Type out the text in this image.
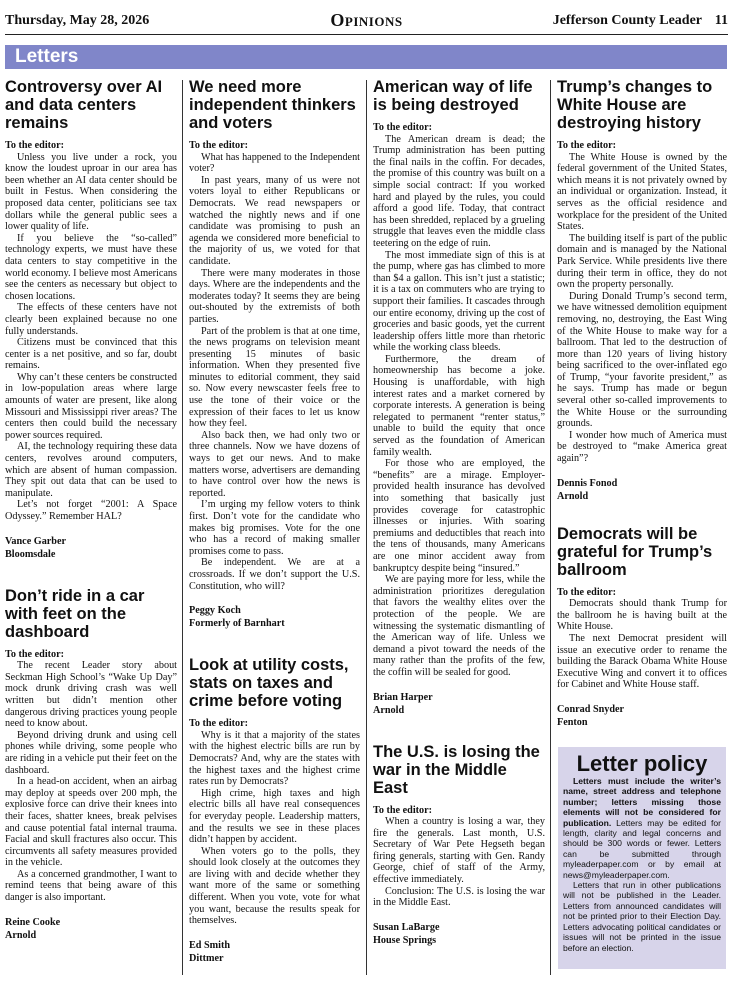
Thursday, May 28, 2026	Opinions	Jefferson County Leader 11
Letters
Controversy over AI and data centers remains

To the editor:

Unless you live under a rock, you know the loudest uproar in our area has been whether an AI data center should be built in Festus. When considering the proposed data center, politicians see tax dollars while the general public sees a lower quality of life.

If you believe the “so-called” technology experts, we must have these data centers to stay competitive in the world economy. I believe most Americans see the centers as necessary but object to chosen locations.

The effects of these centers have not clearly been explained because no one fully understands.

Citizens must be convinced that this center is a net positive, and so far, doubt remains.

Why can’t these centers be constructed in low-population areas where large amounts of water are present, like along Missouri and Mississippi river areas? The centers then could build the necessary power sources required.

AI, the technology requiring these data centers, revolves around computers, which are absent of human compassion. They spit out data that can be used to manipulate.

Let’s not forget “2001: A Space Odyssey.” Remember HAL?

Vance Garber
Bloomsdale
Don’t ride in a car with feet on the dashboard

To the editor:

The recent Leader story about Seckman High School’s “Wake Up Day” mock drunk driving crash was well written but didn’t mention other dangerous driving practices young people need to know about.

Beyond driving drunk and using cell phones while driving, some people who are riding in a vehicle put their feet on the dashboard.

In a head-on accident, when an airbag may deploy at speeds over 200 mph, the explosive force can drive their knees into their faces, shatter knees, break pelvises and cause potential fatal internal trauma. Facial and skull fractures also occur. This circumvents all safety measures provided in the vehicle.

As a concerned grandmother, I want to remind teens that being aware of this danger is also important.

Reine Cooke
Arnold
We need more independent thinkers and voters

To the editor:

What has happened to the Independent voter?

In past years, many of us were not voters loyal to either Republicans or Democrats. We read newspapers or watched the nightly news and if one candidate was promising to push an agenda we considered more beneficial to the majority of us, we voted for that candidate.

There were many moderates in those days. Where are the independents and the moderates today? It seems they are being out-shouted by the extremists of both parties.

Part of the problem is that at one time, the news programs on television meant presenting 15 minutes of basic information. When they presented five minutes to editorial comment, they said so. Now every newscaster feels free to use the tone of their voice or the expression of their faces to let us know how they feel.

Also back then, we had only two or three channels. Now we have dozens of ways to get our news. And to make matters worse, advertisers are demanding to have control over how the news is reported.

I’m urging my fellow voters to think first. Don’t vote for the candidate who makes big promises. Vote for the one who has a record of making smaller promises come to pass.

Be independent. We are at a crossroads. If we don’t support the U.S. Constitution, who will?

Peggy Koch
Formerly of Barnhart
Look at utility costs, stats on taxes and crime before voting

To the editor:

Why is it that a majority of the states with the highest electric bills are run by Democrats? And, why are the states with the highest taxes and the highest crime rates run by Democrats?

High crime, high taxes and high electric bills all have real consequences for everyday people. Leadership matters, and the results we see in these places didn’t happen by accident.

When voters go to the polls, they should look closely at the outcomes they are living with and decide whether they want more of the same or something different. When you vote, vote for what you want, because the results speak for themselves.

Ed Smith
Dittmer
American way of life is being destroyed

To the editor:

The American dream is dead; the Trump administration has been putting the final nails in the coffin. For decades, the promise of this country was built on a simple social contract: If you worked hard and played by the rules, you could afford a good life. Today, that contract has been shredded, replaced by a grueling struggle that leaves even the middle class teetering on the edge of ruin.

The most immediate sign of this is at the pump, where gas has climbed to more than $4 a gallon. This isn’t just a statistic; it is a tax on commuters who are trying to support their families. It cascades through our entire economy, driving up the cost of groceries and basic goods, yet the current leadership offers little more than rhetoric while the working class bleeds.

Furthermore, the dream of homeownership has become a joke. Housing is unaffordable, with high interest rates and a market cornered by corporate interests. A generation is being relegated to permanent “renter status,” unable to build the equity that once served as the foundation of American family wealth.

For those who are employed, the “benefits” are a mirage. Employer-provided health insurance has devolved into something that basically just provides coverage for catastrophic illnesses or injuries. With soaring premiums and deductibles that reach into the tens of thousands, many Americans are one minor accident away from bankruptcy despite being “insured.”

We are paying more for less, while the administration prioritizes deregulation that favors the wealthy elites over the protection of the people. We are witnessing the systematic dismantling of the American way of life. Unless we demand a pivot toward the needs of the many rather than the profits of the few, the coffin will be sealed for good.

Brian Harper
Arnold
The U.S. is losing the war in the Middle East

To the editor:

When a country is losing a war, they fire the generals. Last month, U.S. Secretary of War Pete Hegseth began firing generals, starting with Gen. Randy George, chief of staff of the Army, effective immediately.

Conclusion: The U.S. is losing the war in the Middle East.

Susan LaBarge
House Springs
Trump’s changes to White House are destroying history

To the editor:

The White House is owned by the federal government of the United States, which means it is not privately owned by an individual or organization. Instead, it serves as the official residence and workplace for the president of the United States.

The building itself is part of the public domain and is managed by the National Park Service. While presidents live there during their term in office, they do not own the property personally.

During Donald Trump’s second term, we have witnessed demolition equipment removing, no, destroying, the East Wing of the White House to make way for a ballroom. That led to the destruction of more than 120 years of living history being sacrificed to the over-inflated ego of Trump, “your favorite president,” as he says. Trump has made or begun several other so-called improvements to the White House or the surrounding grounds.

I wonder how much of America must be destroyed to “make America great again”?

Dennis Fonod
Arnold
Democrats will be grateful for Trump’s ballroom

To the editor:

Democrats should thank Trump for the ballroom he is having built at the White House.

The next Democrat president will issue an executive order to rename the building the Barack Obama White House Executive Wing and convert it to offices for Cabinet and White House staff.

Conrad Snyder
Fenton
Letter policy

Letters must include the writer’s name, street address and telephone number; letters missing those elements will not be considered for publication. Letters may be edited for length, clarity and legal concerns and should be 300 words or fewer. Letters can be submitted through myleaderpaper.com or by email at news@myleaderpaper.com.

Letters that run in other publications will not be published in the Leader. Letters from announced candidates will not be printed prior to their Election Day. Letters advocating political candidates or issues will not be printed in the issue before an election.
